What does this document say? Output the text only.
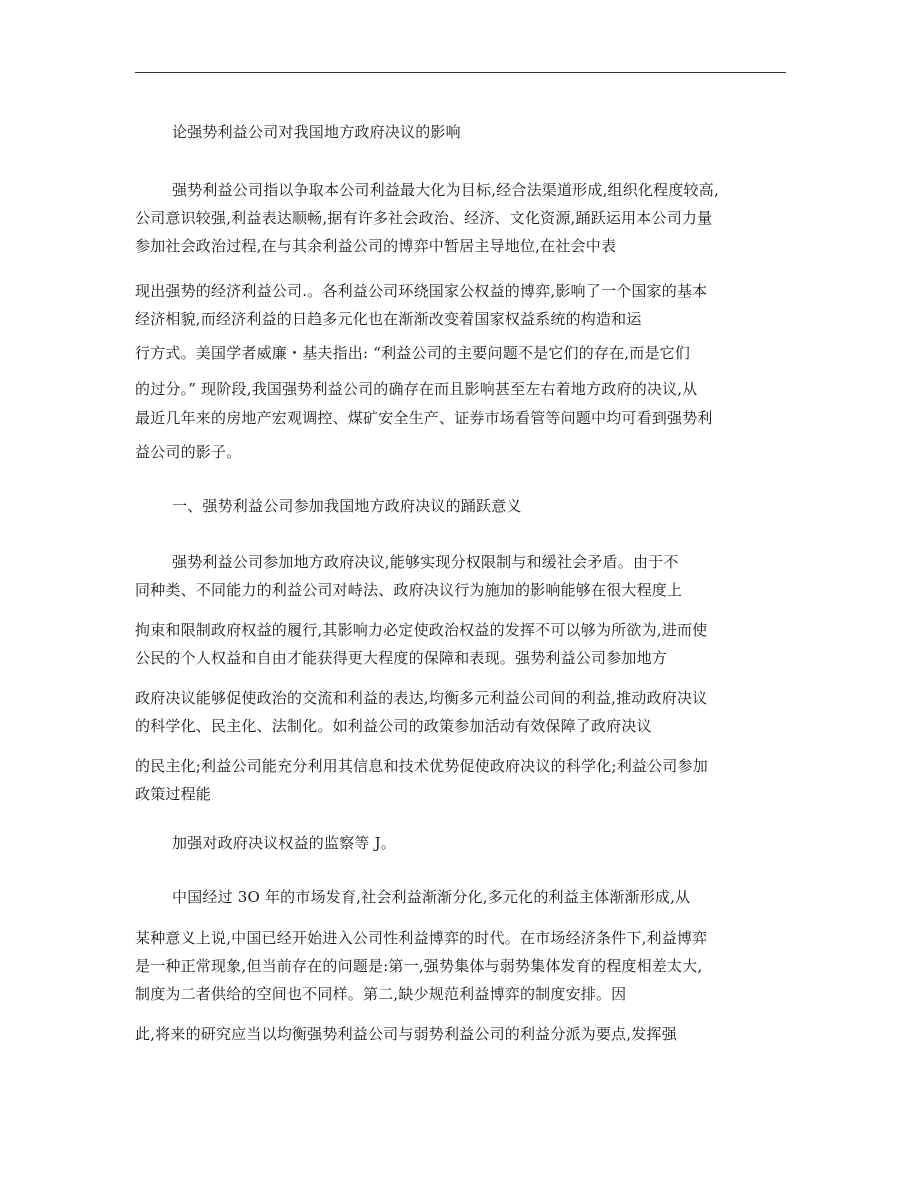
论强势利益公司对我国地方政府决议的影响
强势利益公司指以争取本公司利益最大化为目标,经合法渠道形成,组织化程度较高,
公司意识较强,利益表达顺畅,据有许多社会政治、经济、文化资源,踊跃运用本公司力量
参加社会政治过程,在与其余利益公司的博弈中暂居主导地位,在社会中表
现出强势的经济利益公司.。各利益公司环绕国家公权益的博弈,影响了一个国家的基本
经济相貌,而经济利益的日趋多元化也在渐渐改变着国家权益系统的构造和运
行方式。美国学者威廉・基夫指出: “利益公司的主要问题不是它们的存在,而是它们
的过分。” 现阶段,我国强势利益公司的确存在而且影响甚至左右着地方政府的决议,从
最近几年来的房地产宏观调控、煤矿安全生产、证券市场看管等问题中均可看到强势利
益公司的影子。
一、强势利益公司参加我国地方政府决议的踊跃意义
强势利益公司参加地方政府决议,能够实现分权限制与和缓社会矛盾。由于不
同种类、不同能力的利益公司对峙法、政府决议行为施加的影响能够在很大程度上
拘束和限制政府权益的履行,其影响力必定使政治权益的发挥不可以够为所欲为,进而使
公民的个人权益和自由才能获得更大程度的保障和表现。强势利益公司参加地方
政府决议能够促使政治的交流和利益的表达,均衡多元利益公司间的利益,推动政府决议
的科学化、民主化、法制化。如利益公司的政策参加活动有效保障了政府决议
的民主化;利益公司能充分利用其信息和技术优势促使政府决议的科学化;利益公司参加
政策过程能
加强对政府决议权益的监察等 J。
中国经过 3O 年的市场发育,社会利益渐渐分化,多元化的利益主体渐渐形成,从
某种意义上说,中国已经开始进入公司性利益博弈的时代。在市场经济条件下,利益博弈
是一种正常现象,但当前存在的问题是:第一,强势集体与弱势集体发育的程度相差太大,
制度为二者供给的空间也不同样。第二,缺少规范利益博弈的制度安排。因
此,将来的研究应当以均衡强势利益公司与弱势利益公司的利益分派为要点,发挥强
